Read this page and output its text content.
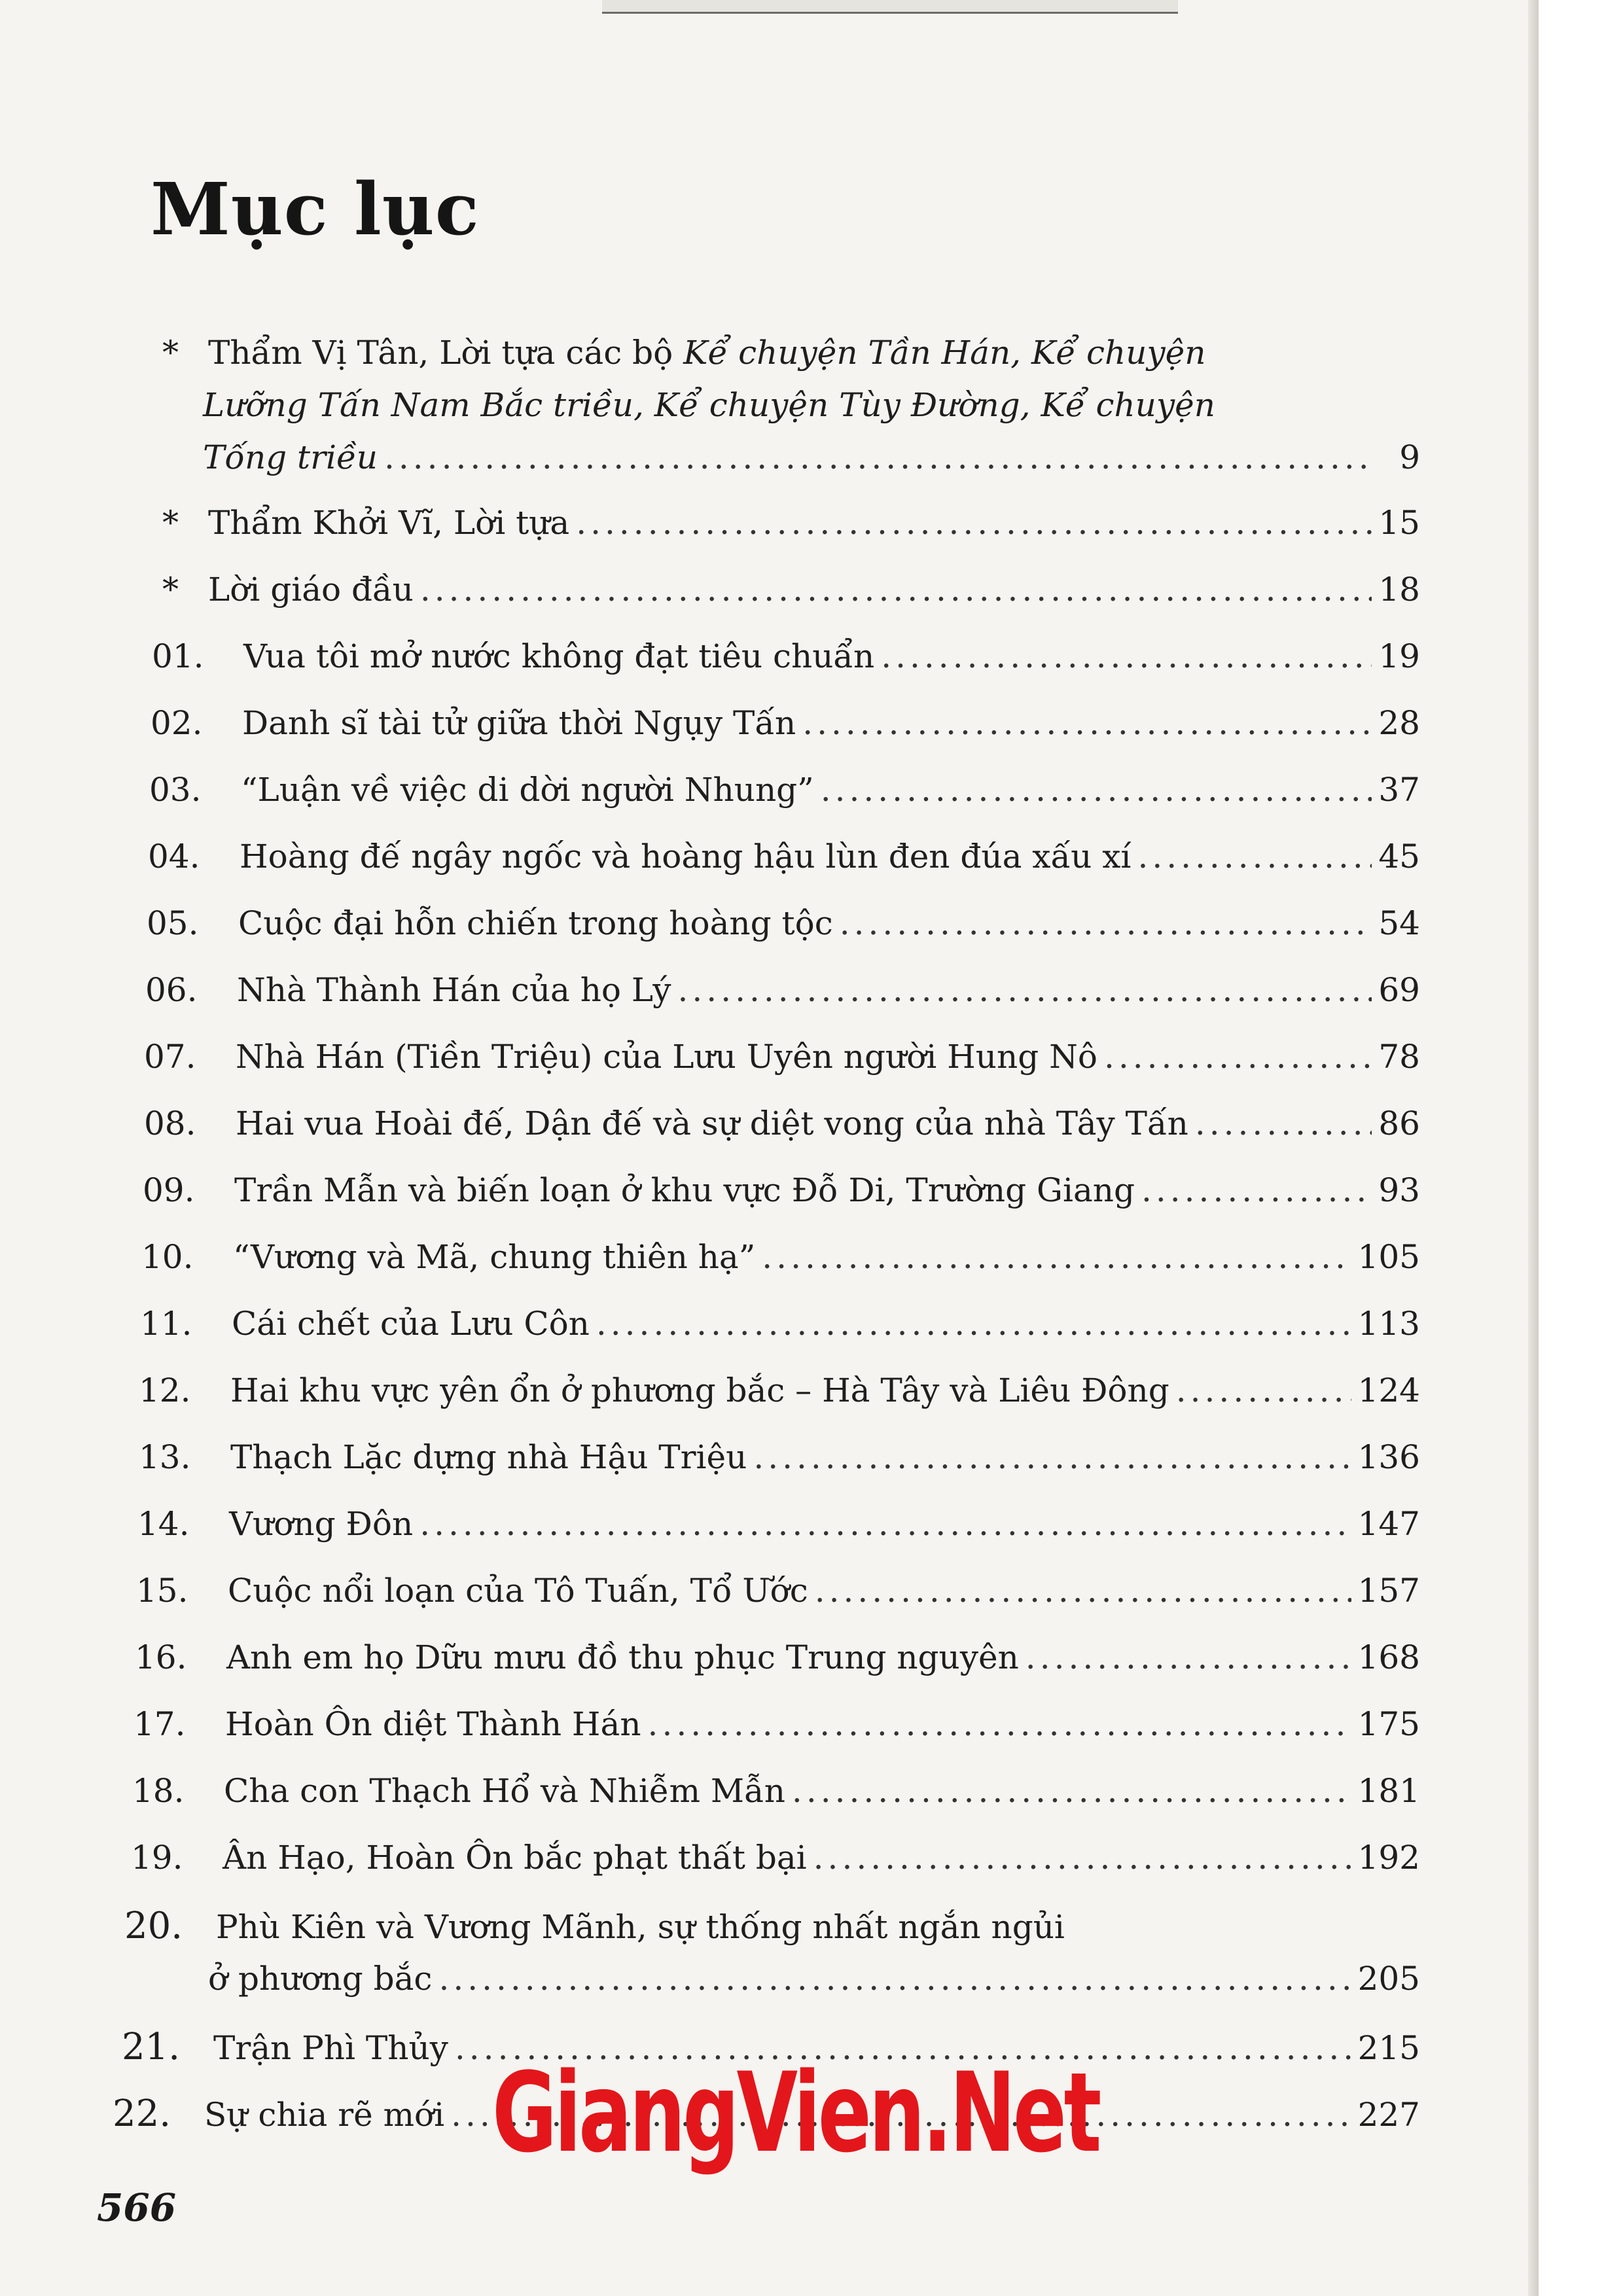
Mục lục
* Thẩm Vị Tân, Lời tựa các bộ Kể chuyện Tần Hán, Kể chuyện
Lưỡng Tấn Nam Bắc triều, Kể chuyện Tùy Đường, Kể chuyện
Tống triều .....	9
* Thẩm Khởi Vĩ, Lời tựa .....	15
* Lời giáo đầu .....	18
01.	Vua tôi mở nước không đạt tiêu chuẩn .....	19
02.	Danh sĩ tài tử giữa thời Ngụy Tấn .....	28
03.	“Luận về việc di dời người Nhung” .....	37
04.	Hoàng đế ngây ngốc và hoàng hậu lùn đen đúa xấu xí .....	45
05.	Cuộc đại hỗn chiến trong hoàng tộc .....	54
06.	Nhà Thành Hán của họ Lý .....	69
07.	Nhà Hán (Tiền Triệu) của Lưu Uyên người Hung Nô .....	78
08.	Hai vua Hoài đế, Dận đế và sự diệt vong của nhà Tây Tấn .....	86
09.	Trần Mẫn và biến loạn ở khu vực Đỗ Di, Trường Giang .....	93
10.	“Vương và Mã, chung thiên hạ” .....	105
11.	Cái chết của Lưu Côn .....	113
12.	Hai khu vực yên ổn ở phương bắc – Hà Tây và Liêu Đông .....	124
13.	Thạch Lặc dựng nhà Hậu Triệu .....	136
14.	Vương Đôn .....	147
15.	Cuộc nổi loạn của Tô Tuấn, Tổ Ước .....	157
16.	Anh em họ Dữu mưu đồ thu phục Trung nguyên .....	168
17.	Hoàn Ôn diệt Thành Hán .....	175
18.	Cha con Thạch Hổ và Nhiễm Mẫn .....	181
19.	Ân Hạo, Hoàn Ôn bắc phạt thất bại .....	192
20.	Phù Kiên và Vương Mãnh, sự thống nhất ngắn ngủi
ở phương bắc .....	205
21.	Trận Phì Thủy .....	215
22.	Sự chia rẽ mới .....	227
GiangVien.Net
566
